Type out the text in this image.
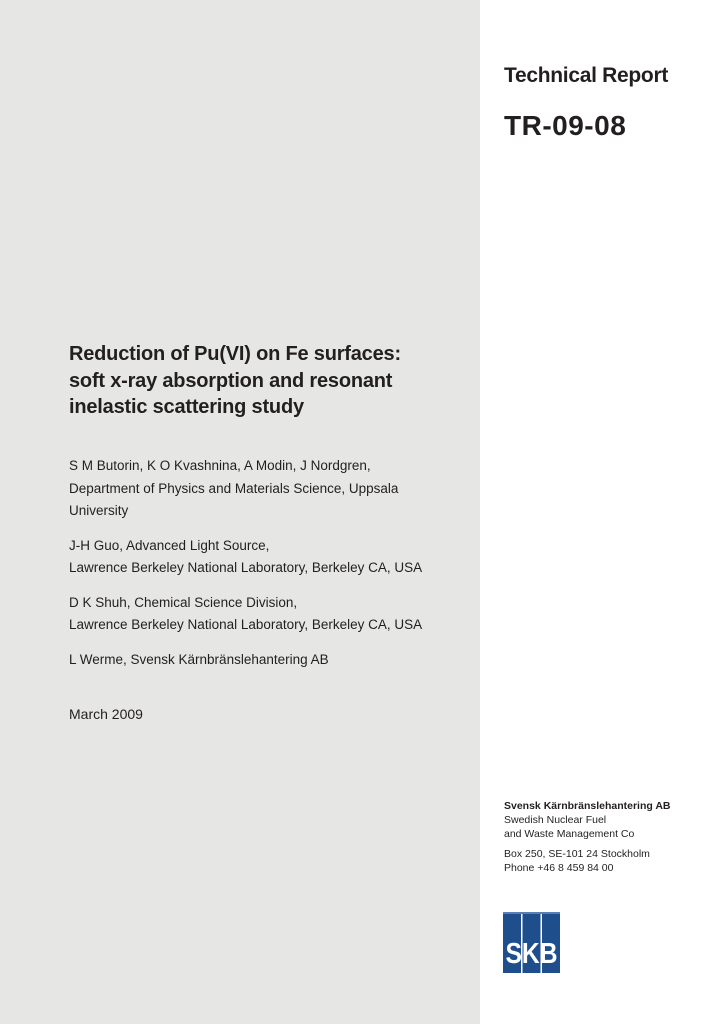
Technical Report
TR-09-08
Reduction of Pu(VI) on Fe surfaces:
soft x-ray absorption and resonant
inelastic scattering study
S M Butorin, K O Kvashnina, A Modin, J Nordgren,
Department of Physics and Materials Science, Uppsala
University
J-H Guo, Advanced Light Source,
Lawrence Berkeley National Laboratory, Berkeley CA, USA
D K Shuh, Chemical Science Division,
Lawrence Berkeley National Laboratory, Berkeley CA, USA
L Werme, Svensk Kärnbränslehantering AB
March 2009
Svensk Kärnbränslehantering AB
Swedish Nuclear Fuel
and Waste Management Co
Box 250, SE-101 24 Stockholm
Phone +46 8 459 84 00
SKB
